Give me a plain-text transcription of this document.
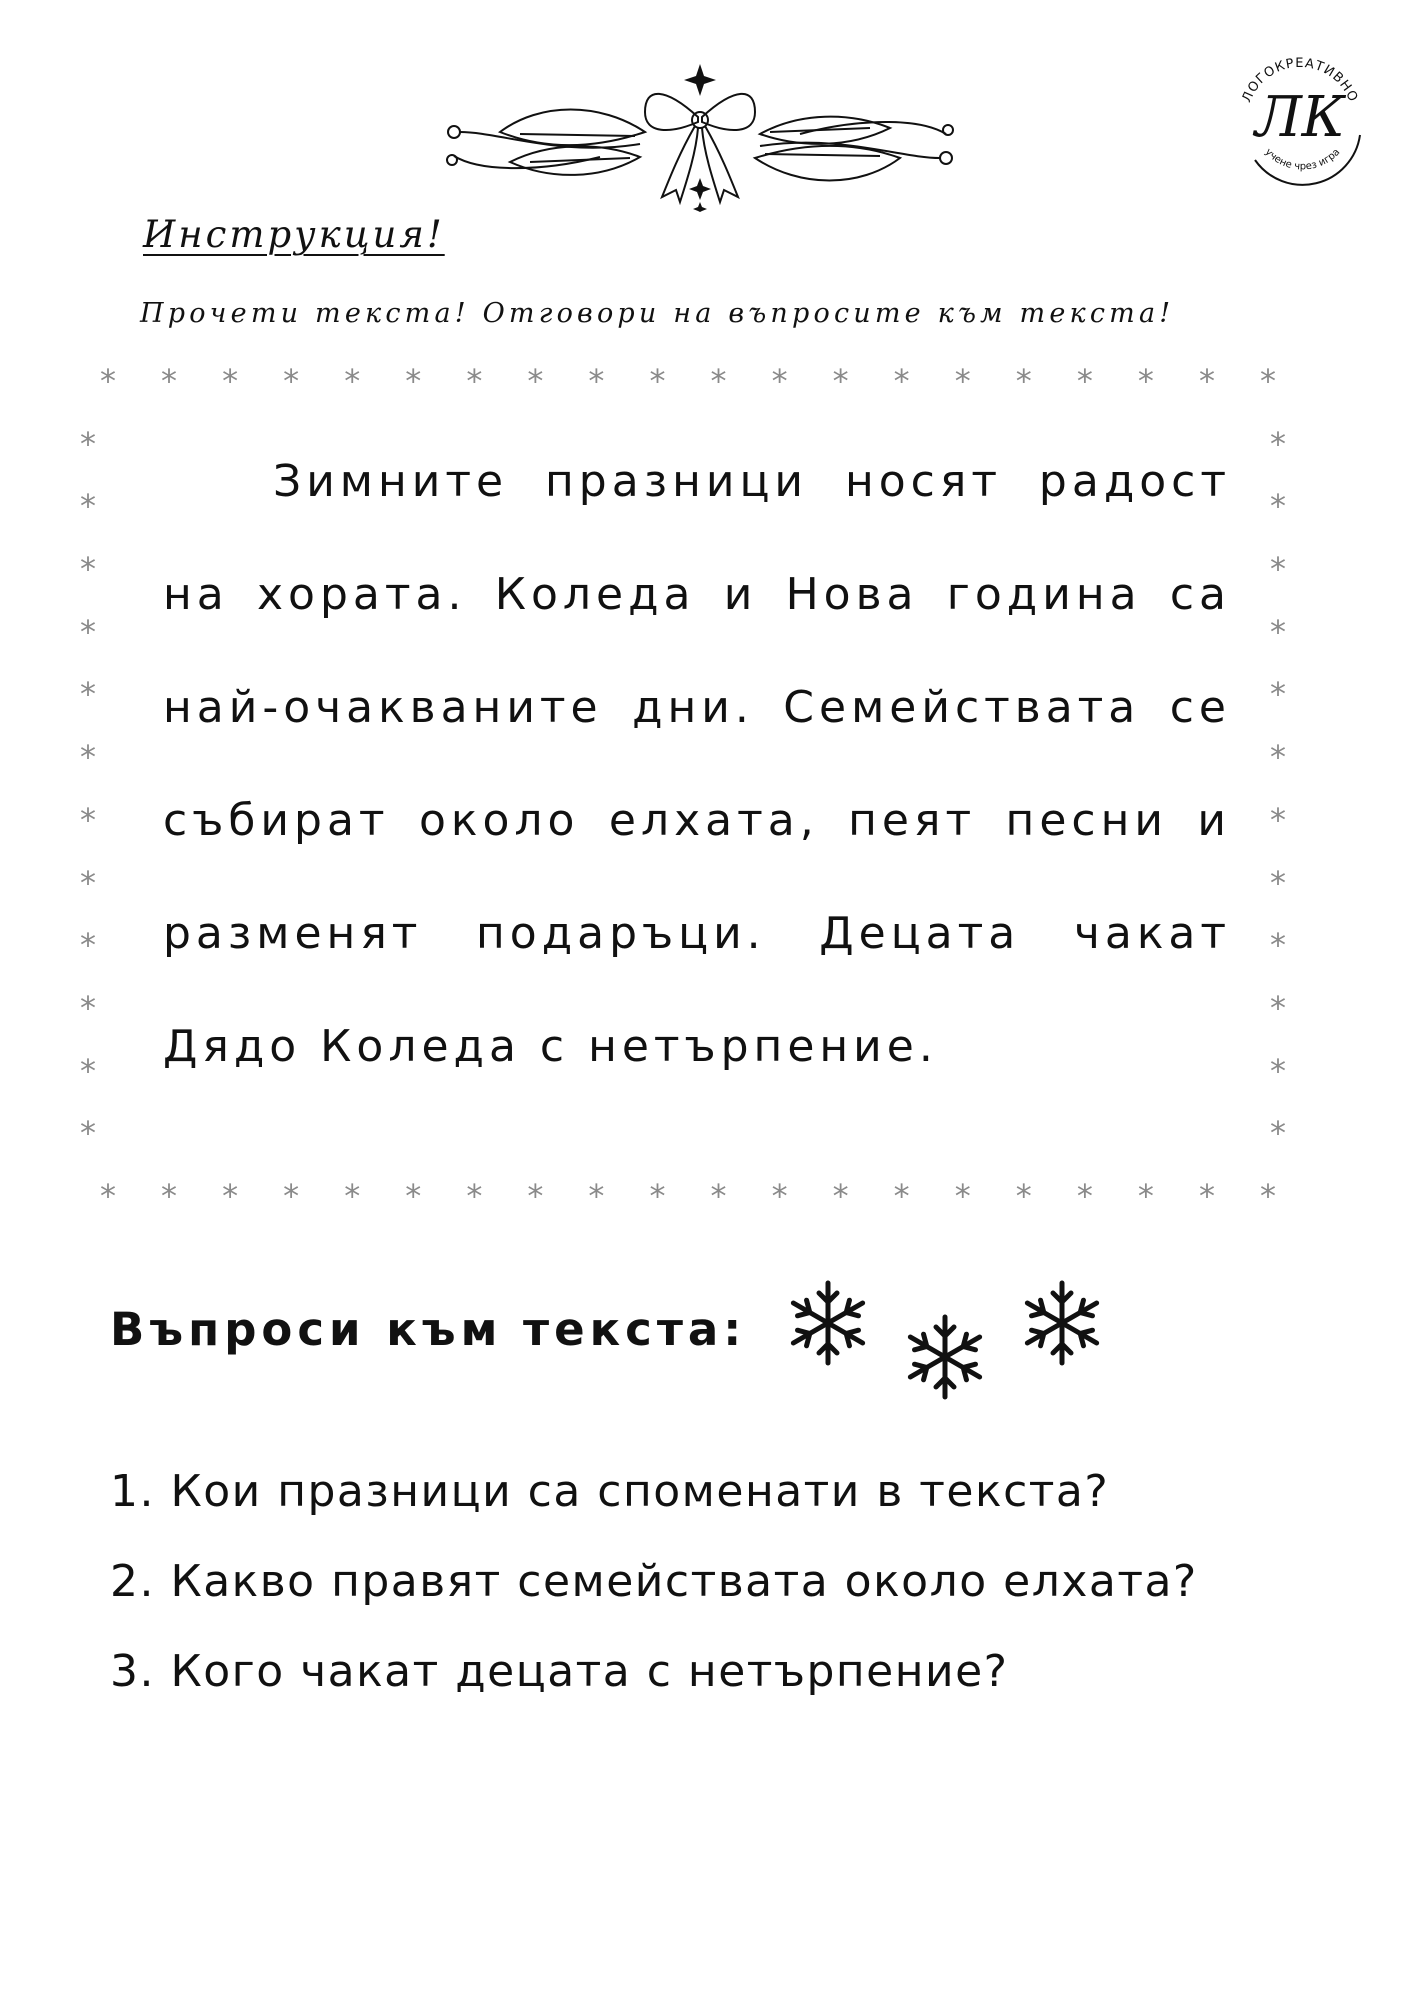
ЛОГОКРЕАТИВНО
ЛК
учене чрез игра
Инструкция!
Прочети текста! Отговори на въпросите към текста!
*
*
*
*
*
*
*
*
*
*
*
*
*
*
*
*
*
*
*
*
*
*
*
*
*
*
*
*
*
*
*
*
*
*
*
*
*
*
*
*
*	*
*	*
*	*
*	*
*	*
*	*
*	*
*	*
*	*
*	*
*	*
*	*

Зимните празници носят радост на хората. Коледа и Нова година са най-очакваните дни. Семействата се събират около елхата, пеят песни и разменят подаръци. Децата чакат Дядо Коледа с нетърпение.

Въпроси към текста:
1. Кои празници са споменати в текста?
2. Какво правят семействата около елхата?
3. Кого чакат децата с нетърпение?
